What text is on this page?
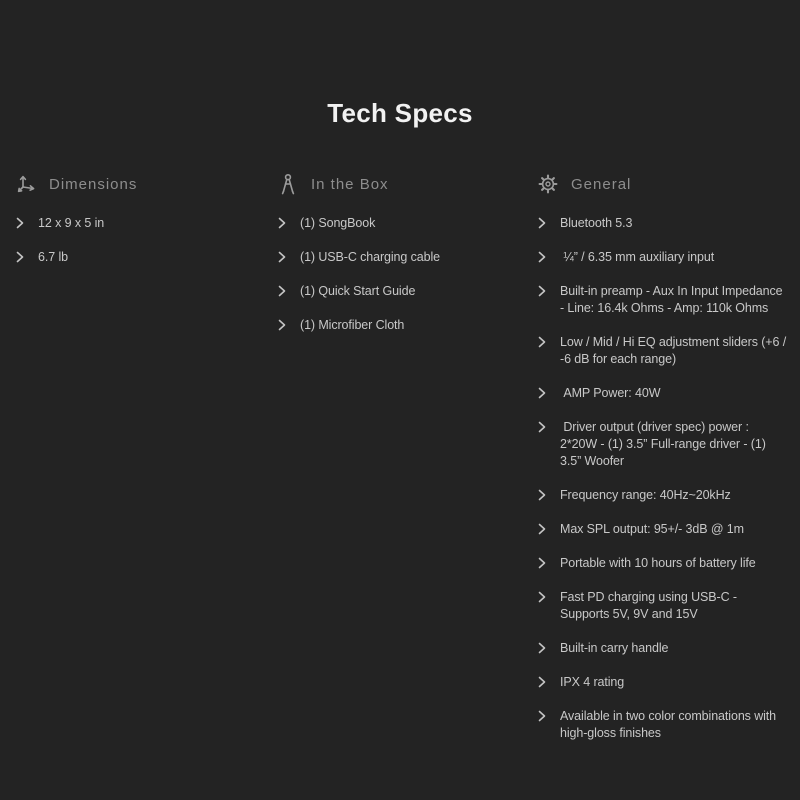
Tech Specs
Dimensions
12 x 9 x 5 in
6.7 lb
In the Box
(1) SongBook
(1) USB-C charging cable
(1) Quick Start Guide
(1) Microfiber Cloth
General
Bluetooth 5.3
¼” / 6.35 mm auxiliary input
Built-in preamp - Aux In Input Impedance - Line: 16.4k Ohms - Amp: 110k Ohms
Low / Mid / Hi EQ adjustment sliders (+6 / -6 dB for each range)
AMP Power: 40W
Driver output (driver spec) power : 2*20W - (1) 3.5” Full-range driver - (1) 3.5” Woofer
Frequency range: 40Hz~20kHz
Max SPL output: 95+/- 3dB @ 1m
Portable with 10 hours of battery life
Fast PD charging using USB-C - Supports 5V, 9V and 15V
Built-in carry handle
IPX 4 rating
Available in two color combinations with high-gloss finishes
